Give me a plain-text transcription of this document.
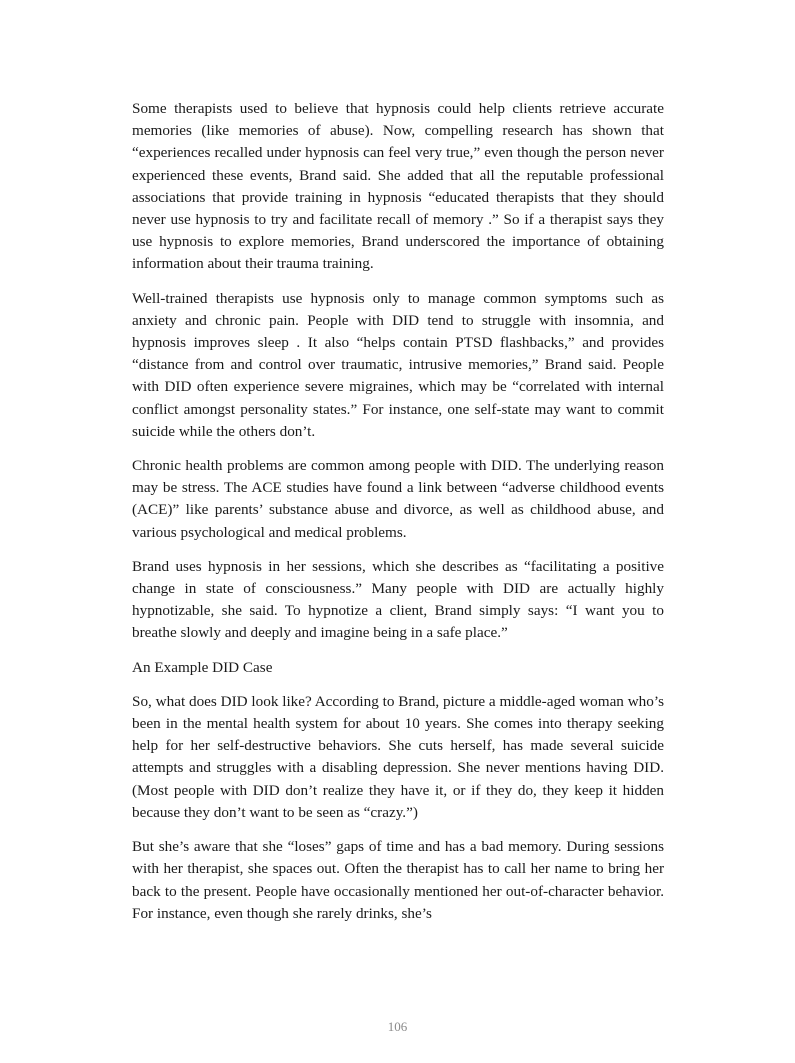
Some therapists used to believe that hypnosis could help clients retrieve accurate memories (like memories of abuse). Now, compelling research has shown that “experiences recalled under hypnosis can feel very true,” even though the person never experienced these events, Brand said. She added that all the reputable professional associations that provide training in hypnosis “educated therapists that they should never use hypnosis to try and facilitate recall of memory .” So if a therapist says they use hypnosis to explore memories, Brand underscored the importance of obtaining information about their trauma training.

Well-trained therapists use hypnosis only to manage common symptoms such as anxiety and chronic pain. People with DID tend to struggle with insomnia, and hypnosis improves sleep . It also “helps contain PTSD flashbacks,” and provides “distance from and control over traumatic, intrusive memories,” Brand said. People with DID often experience severe migraines, which may be “correlated with internal conflict amongst personality states.” For instance, one self-state may want to commit suicide while the others don’t.

Chronic health problems are common among people with DID. The underlying reason may be stress. The ACE studies have found a link between “adverse childhood events (ACE)” like parents’ substance abuse and divorce, as well as childhood abuse, and various psychological and medical problems.

Brand uses hypnosis in her sessions, which she describes as “facilitating a positive change in state of consciousness.” Many people with DID are actually highly hypnotizable, she said. To hypnotize a client, Brand simply says: “I want you to breathe slowly and deeply and imagine being in a safe place.”

An Example DID Case

So, what does DID look like? According to Brand, picture a middle-aged woman who’s been in the mental health system for about 10 years. She comes into therapy seeking help for her self-destructive behaviors. She cuts herself, has made several suicide attempts and struggles with a disabling depression. She never mentions having DID. (Most people with DID don’t realize they have it, or if they do, they keep it hidden because they don’t want to be seen as “crazy.”)

But she’s aware that she “loses” gaps of time and has a bad memory. During sessions with her therapist, she spaces out. Often the therapist has to call her name to bring her back to the present. People have occasionally mentioned her out-of-character behavior. For instance, even though she rarely drinks, she’s

106
